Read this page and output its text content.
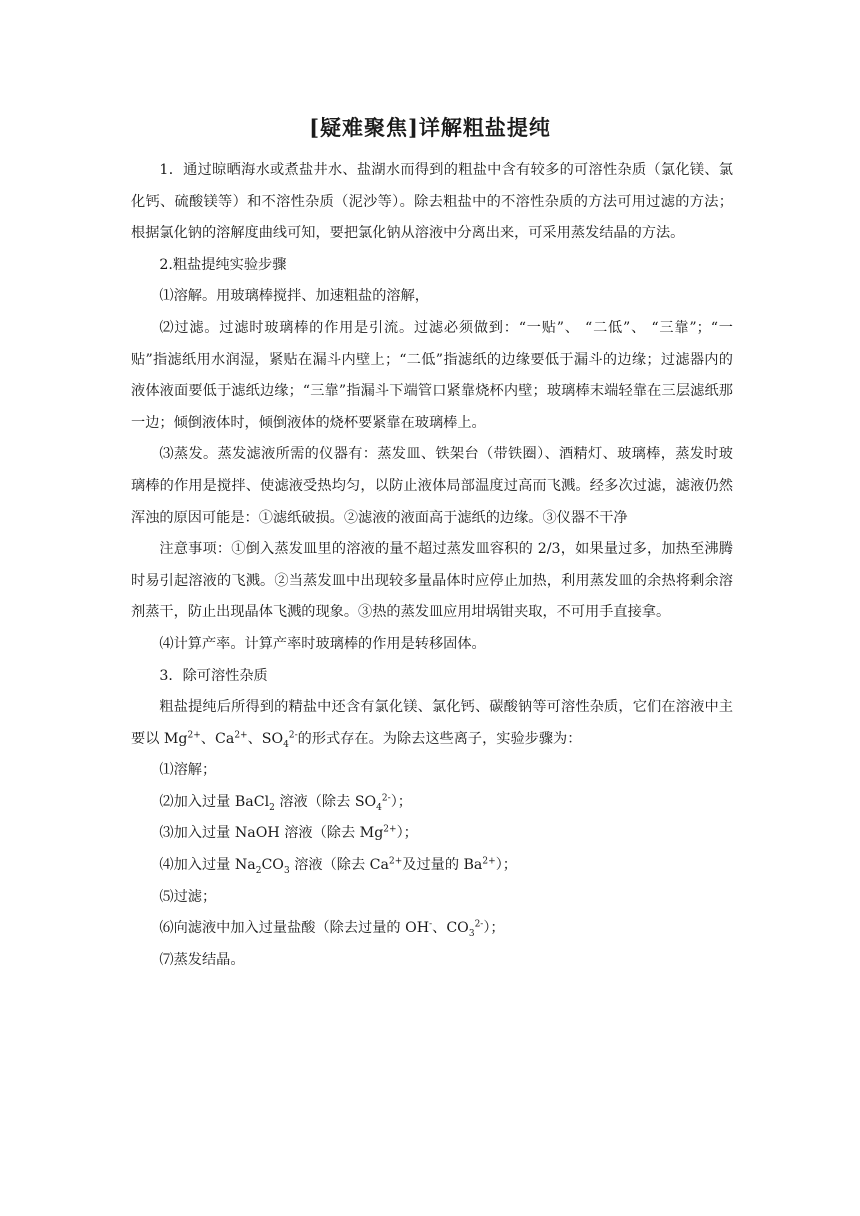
[疑难聚焦]详解粗盐提纯

1．通过晾晒海水或煮盐井水、盐湖水而得到的粗盐中含有较多的可溶性杂质（氯化镁、氯化钙、硫酸镁等）和不溶性杂质（泥沙等）。除去粗盐中的不溶性杂质的方法可用过滤的方法；根据氯化钠的溶解度曲线可知，要把氯化钠从溶液中分离出来，可采用蒸发结晶的方法。

2.粗盐提纯实验步骤

⑴溶解。用玻璃棒搅拌、加速粗盐的溶解，

⑵过滤。过滤时玻璃棒的作用是引流。过滤必须做到：“一贴”、 “二低”、 “三靠”；“一贴”指滤纸用水润湿，紧贴在漏斗内壁上；“二低”指滤纸的边缘要低于漏斗的边缘；过滤器内的液体液面要低于滤纸边缘；“三靠”指漏斗下端管口紧靠烧杯内壁；玻璃棒末端轻靠在三层滤纸那一边；倾倒液体时，倾倒液体的烧杯要紧靠在玻璃棒上。

⑶蒸发。蒸发滤液所需的仪器有：蒸发皿、铁架台（带铁圈）、酒精灯、玻璃棒，蒸发时玻璃棒的作用是搅拌、使滤液受热均匀，以防止液体局部温度过高而飞溅。经多次过滤，滤液仍然浑浊的原因可能是：①滤纸破损。②滤液的液面高于滤纸的边缘。③仪器不干净

注意事项：①倒入蒸发皿里的溶液的量不超过蒸发皿容积的 2/3，如果量过多，加热至沸腾时易引起溶液的飞溅。②当蒸发皿中出现较多量晶体时应停止加热，利用蒸发皿的余热将剩余溶剂蒸干，防止出现晶体飞溅的现象。③热的蒸发皿应用坩埚钳夹取，不可用手直接拿。

⑷计算产率。计算产率时玻璃棒的作用是转移固体。

3．除可溶性杂质

粗盐提纯后所得到的精盐中还含有氯化镁、氯化钙、碳酸钠等可溶性杂质，它们在溶液中主要以 $Mg^{2+}$、$Ca^{2+}$、$SO_4^{2-}$的形式存在。为除去这些离子，实验步骤为：

⑴溶解；

⑵加入过量 BaCl$_2$ 溶液（除去 $SO_4^{2-}$）；

⑶加入过量 NaOH 溶液（除去 $Mg^{2+}$）；

⑷加入过量 $Na_2CO_3$ 溶液（除去 $Ca^{2+}$及过量的 $Ba^{2+}$）；

⑸过滤；

⑹向滤液中加入过量盐酸（除去过量的 OH-、$CO_3^{2-}$）；

⑺蒸发结晶。
